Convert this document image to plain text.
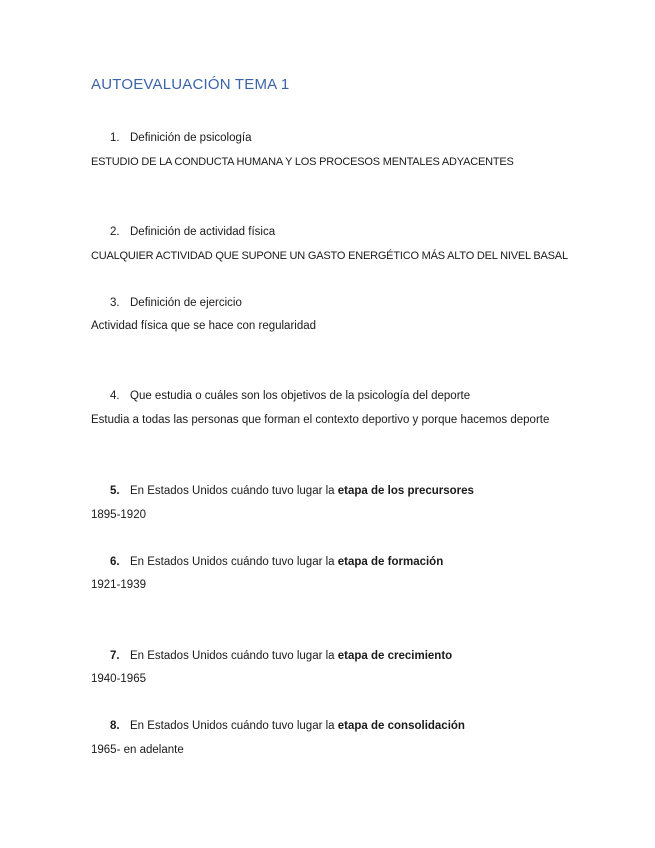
AUTOEVALUACIÓN TEMA 1
1. Definición de psicología
ESTUDIO DE LA CONDUCTA HUMANA Y LOS PROCESOS MENTALES ADYACENTES
2. Definición de actividad física
CUALQUIER ACTIVIDAD QUE SUPONE UN GASTO ENERGÉTICO MÁS ALTO DEL NIVEL BASAL
3. Definición de ejercicio
Actividad física que se hace con regularidad
4. Que estudia o cuáles son los objetivos de la psicología del deporte
Estudia a todas las personas que forman el contexto deportivo y porque hacemos deporte
5. En Estados Unidos cuándo tuvo lugar la etapa de los precursores
1895-1920
6. En Estados Unidos cuándo tuvo lugar la etapa de formación
1921-1939
7. En Estados Unidos cuándo tuvo lugar la etapa de crecimiento
1940-1965
8. En Estados Unidos cuándo tuvo lugar la etapa de consolidación
1965- en adelante
